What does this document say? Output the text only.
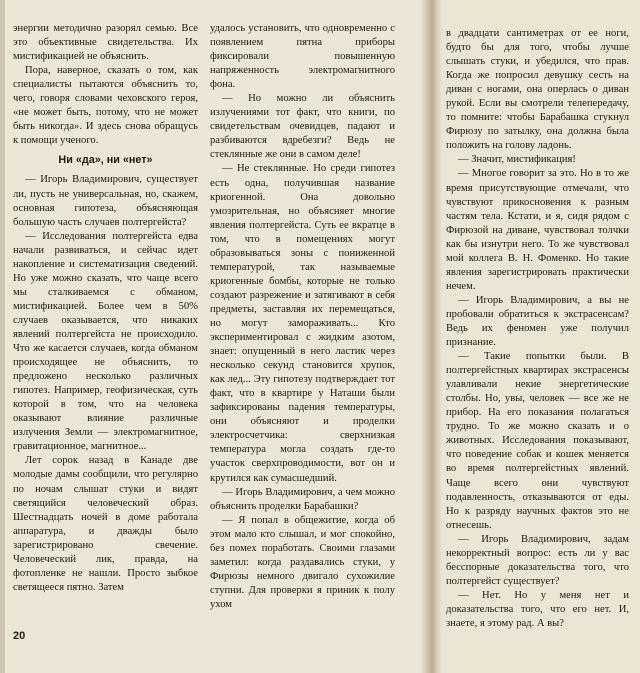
энергии методично разорял семью. Все это объективные свидетельства. Их мистификацией не объяснить.

Пора, наверное, сказать о том, как специалисты пытаются объяснить то, чего, говоря словами чеховского героя, «не может быть, потому, что не может быть никогда». И здесь снова обращусь к помощи ученого.

Ни «да», ни «нет»

— Игорь Владимирович, существует ли, пусть не универсальная, но, скажем, основная гипотеза, объясняющая большую часть случаев полтергейста?

— Исследования полтергейста едва начали развиваться, и сейчас идет накопление и систематизация сведений. Но уже можно сказать, что чаще всего мы сталкиваемся с обманом, мистификацией. Более чем в 50% случаев оказывается, что никаких явлений полтергейста не происходило. Что же касается случаев, когда обманом происходящее не объяснить, то предложено несколько различных гипотез. Например, геофизическая, суть которой в том, что на человека оказывают влияние различные излучения Земли — электромагнитное, гравитационное, магнитное...

Лет сорок назад в Канаде две молодые дамы сообщили, что регулярно по ночам слышат стуки и видят светящийся человеческий образ. Шестнадцать ночей в доме работала аппаратура, и дважды было зарегистрировано свечение. Человеческий лик, правда, на фотопленке не нашли. Просто зыбкое светящееся пятно. Затем

удалось установить, что одновременно с появлением пятна приборы фиксировали повышенную напряженность электромагнитного фона.

— Но можно ли объяснить излучениями тот факт, что книги, по свидетельствам очевидцев, падают и разбиваются вдребезги? Ведь не стеклянные же они в самом деле!

— Не стеклянные. Но среди гипотез есть одна, получившая название криогенной. Она довольно умозрительная, но объясняет многие явления полтергейста. Суть ее вкратце в том, что в помещениях могут образовываться зоны с пониженной температурой, так называемые криогенные бомбы, которые не только создают разрежение и затягивают в себя предметы, заставляя их перемещаться, но могут замораживать... Кто экспериментировал с жидким азотом, знает: опущенный в него ластик через несколько секунд становится хрупок, как лед... Эту гипотезу подтверждает тот факт, что в квартире у Наташи были зафиксированы падения температуры, они объясняют и проделки электросчетчика: сверхнизкая температура могла создать где-то участок сверхпроводимости, вот он и крутился как сумасшедший.

— Игорь Владимирович, а чем можно объяснить проделки Барабашки?

— Я попал в общежитие, когда об этом мало кто слышал, и мог спокойно, без помех поработать. Своими глазами заметил: когда раздавались стуки, у Фирюзы немного двигало сухожилие ступни. Для проверки я приник к полу ухом

в двадцати сантиметрах от ее ноги, будто бы для того, чтобы лучше слышать стуки, и убедился, что прав. Когда же попросил девушку сесть на диван с ногами, она оперлась о диван рукой. Если вы смотрели телепередачу, то помните: чтобы Барабашка стукнул Фирюзу по затылку, она должна была положить на голову ладонь.

— Значит, мистификация!

— Многое говорит за это. Но в то же время присутствующие отмечали, что чувствуют прикосновения к разным частям тела. Кстати, и я, сидя рядом с Фирюзой на диване, чувствовал толчки как бы изнутри него. То же чувствовал мой коллега В. Н. Фоменко. Но такие явления зарегистрировать практически нечем.

— Игорь Владимирович, а вы не пробовали обратиться к экстрасенсам? Ведь их феномен уже получил признание.

— Такие попытки были. В полтергейстных квартирах экстрасенсы улавливали некие энергетические столбы. Но, увы, человек — все же не прибор. На его показания полагаться трудно. То же можно сказать и о животных. Исследования показывают, что поведение собак и кошек меняется во время полтергейстных явлений. Чаще всего они чувствуют подавленность, отказываются от еды. Но к разряду научных фактов это не отнесешь.

— Игорь Владимирович, задам некорректный вопрос: есть ли у вас бесспорные доказательства того, что полтергейст существует?

— Нет. Но у меня нет и доказательства того, что его нет. И, знаете, я этому рад. А вы?

20
